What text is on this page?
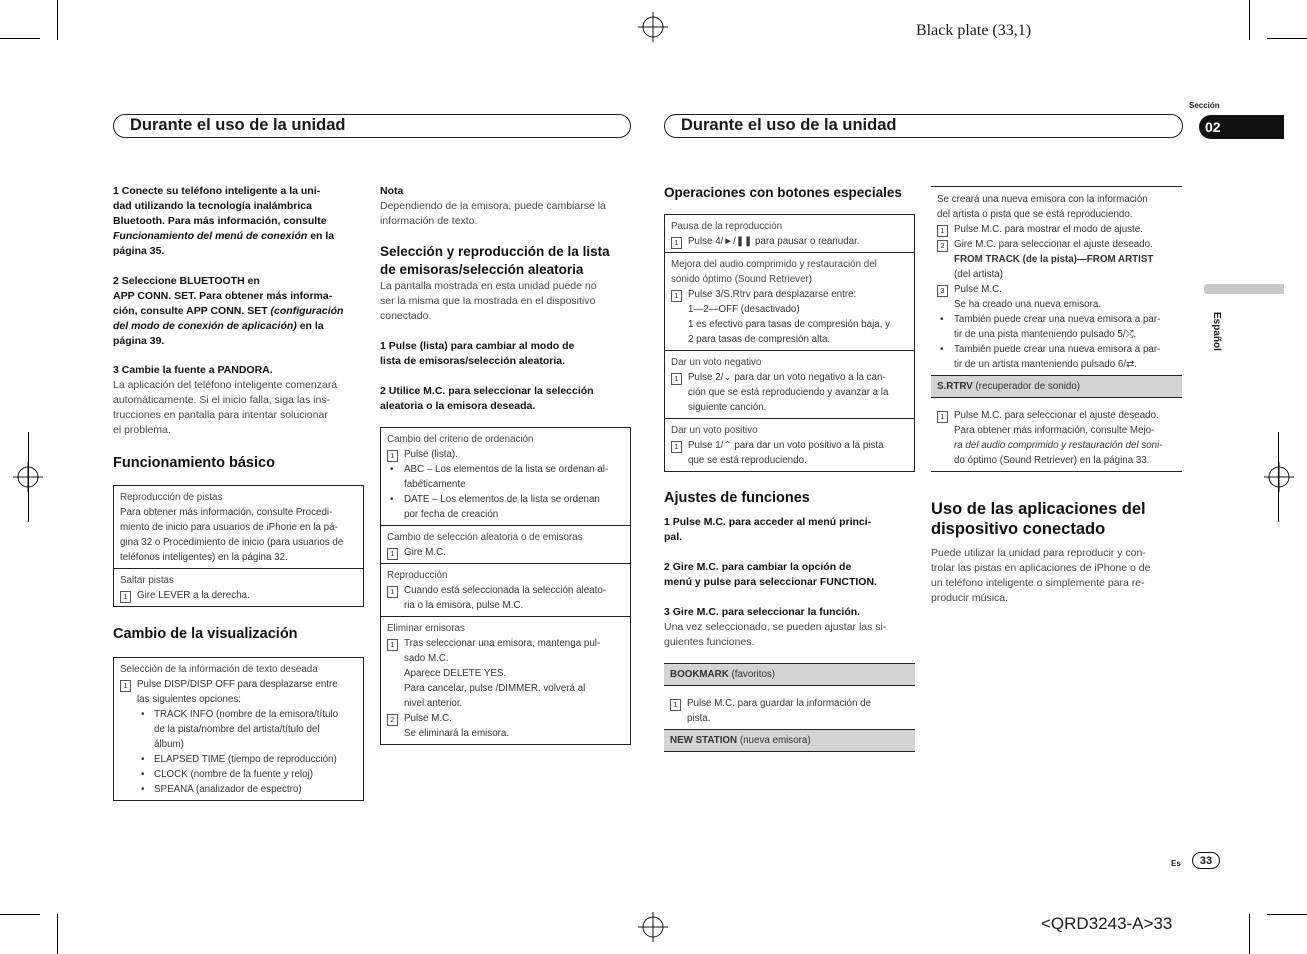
Black plate (33,1)
<QRD3243-A>33
Sección
02
Español
Es	33
Durante el uso de la unidad	Durante el uso de la unidad

1 Conecte su teléfono inteligente a la uni-
dad utilizando la tecnología inalámbrica
Bluetooth. Para más información, consulte
Funcionamiento del menú de conexión en la
página 35.

2 Seleccione BLUETOOTH en
APP CONN. SET. Para obtener más informa-
ción, consulte APP CONN. SET (configuración
del modo de conexión de aplicación) en la
página 39.

3 Cambie la fuente a PANDORA.

La aplicación del teléfono inteligente comenzará
automáticamente. Si el inicio falla, siga las ins-
trucciones en pantalla para intentar solucionar
el problema.

Funcionamiento básico

Reproducción de pistas
Para obtener más información, consulte Procedi-
miento de inicio para usuarios de iPhone en la pá-
gina 32 o Procedimiento de inicio (para usuarios de
teléfonos inteligentes) en la página 32.
Saltar pistas
1 Gire LEVER a la derecha.

Cambio de la visualización

Selección de la información de texto deseada
1 Pulse DISP/DISP OFF para desplazarse entre
las siguientes opciones:
• TRACK INFO (nombre de la emisora/título
de la pista/nombre del artista/título del
álbum)
• ELAPSED TIME (tiempo de reproducción)
• CLOCK (nombre de la fuente y reloj)
• SPEANA (analizador de espectro)

Nota

Dependiendo de la emisora, puede cambiarse la
información de texto.

Selección y reproducción de la lista
de emisoras/selección aleatoria

La pantalla mostrada en esta unidad puede no
ser la misma que la mostrada en el dispositivo
conectado.

1 Pulse (lista) para cambiar al modo de
lista de emisoras/selección aleatoria.

2 Utilice M.C. para seleccionar la selección
aleatoria o la emisora deseada.

Cambio del criterio de ordenación
1 Pulse (lista).
• ABC – Los elementos de la lista se ordenan al-
fabéticamente
• DATE – Los elementos de la lista se ordenan
por fecha de creación
Cambio de selección aleatoria o de emisoras
1 Gire M.C.
Reproducción
1 Cuando está seleccionada la selección aleato-
ria o la emisora, pulse M.C.
Eliminar emisoras
1 Tras seleccionar una emisora, mantenga pul-
sado M.C.
Aparece DELETE YES.
Para cancelar, pulse /DIMMER. volverá al
nivel anterior.
2 Pulse M.C.
Se eliminará la emisora.

Operaciones con botones especiales

Pausa de la reproducción
1 Pulse 4/►/❚❚ para pausar o reanudar.
Mejora del audio comprimido y restauración del
sonido óptimo (Sound Retriever)
1 Pulse 3/S.Rtrv para desplazarse entre:
1—2—OFF (desactivado)
1 es efectivo para tasas de compresión baja, y
2 para tasas de compresión alta.
Dar un voto negativo
1 Pulse 2/⌄ para dar un voto negativo a la can-
ción que se está reproduciendo y avanzar a la
siguiente canción.
Dar un voto positivo
1 Pulse 1/⌃ para dar un voto positivo a la pista
que se está reproduciendo.

Ajustes de funciones

1 Pulse M.C. para acceder al menú princi-
pal.

2 Gire M.C. para cambiar la opción de
menú y pulse para seleccionar FUNCTION.

3 Gire M.C. para seleccionar la función.

Una vez seleccionado, se pueden ajustar las si-
guientes funciones.

BOOKMARK (favoritos)
1 Pulse M.C. para guardar la información de
pista.
NEW STATION (nueva emisora)
Se creará una nueva emisora con la información
del artista o pista que se está reproduciendo.
1 Pulse M.C. para mostrar el modo de ajuste.
2 Gire M.C. para seleccionar el ajuste deseado.
FROM TRACK (de la pista)—FROM ARTIST
(del artista)
3 Pulse M.C.
Se ha creado una nueva emisora.
• También puede crear una nueva emisora a par-
tir de una pista manteniendo pulsado 5/⤮.
• También puede crear una nueva emisora a par-
tir de un artista manteniendo pulsado 6/⇄.
S.RTRV (recuperador de sonido)
1 Pulse M.C. para seleccionar el ajuste deseado.
Para obtener más información, consulte Mejo-
ra del audio comprimido y restauración del soni-
do óptimo (Sound Retriever) en la página 33.

Uso de las aplicaciones del
dispositivo conectado

Puede utilizar la unidad para reproducir y con-
trolar las pistas en aplicaciones de iPhone o de
un teléfono inteligente o simplemente para re-
producir música.
